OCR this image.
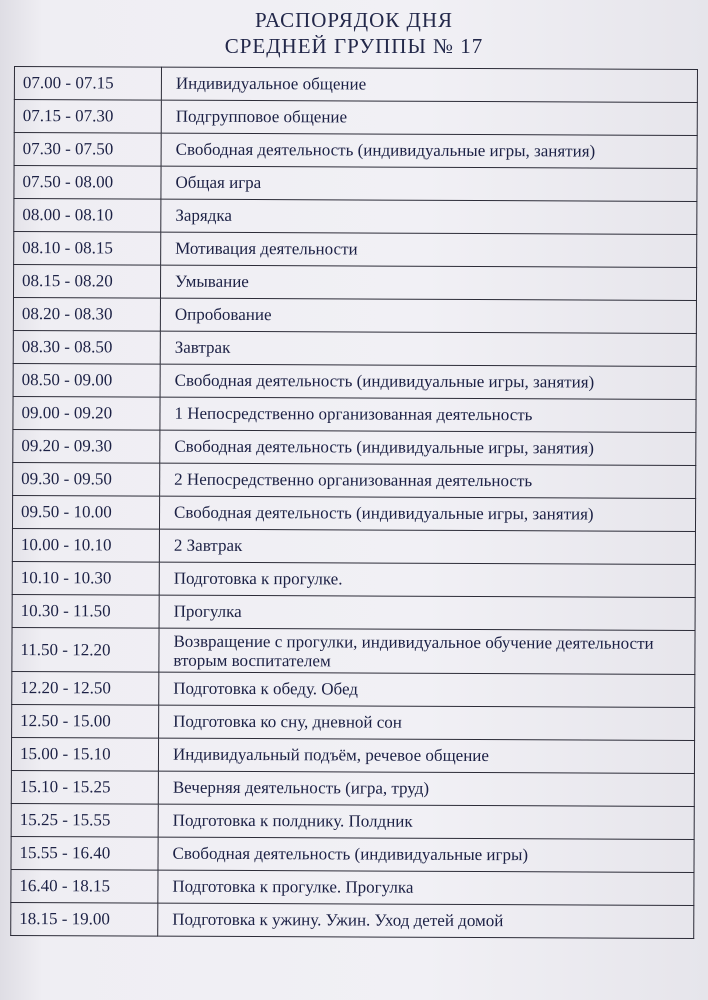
РАСПОРЯДОК ДНЯ
СРЕДНЕЙ ГРУППЫ № 17
07.00 - 07.15	Индивидуальное общение
07.15 - 07.30	Подгрупповое общение
07.30 - 07.50	Свободная деятельность (индивидуальные игры, занятия)
07.50 - 08.00	Общая игра
08.00 - 08.10	Зарядка
08.10 - 08.15	Мотивация деятельности
08.15 - 08.20	Умывание
08.20 - 08.30	Опробование
08.30 - 08.50	Завтрак
08.50 - 09.00	Свободная деятельность (индивидуальные игры, занятия)
09.00 - 09.20	1 Непосредственно организованная деятельность
09.20 - 09.30	Свободная деятельность (индивидуальные игры, занятия)
09.30 - 09.50	2 Непосредственно организованная деятельность
09.50 - 10.00	Свободная деятельность (индивидуальные игры, занятия)
10.00 - 10.10	2 Завтрак
10.10 - 10.30	Подготовка к прогулке.
10.30 - 11.50	Прогулка
11.50 - 12.20	Возвращение с прогулки, индивидуальное обучение деятельности вторым воспитателем
12.20 - 12.50	Подготовка к обеду. Обед
12.50 - 15.00	Подготовка ко сну, дневной сон
15.00 - 15.10	Индивидуальный подъём, речевое общение
15.10 - 15.25	Вечерняя деятельность (игра, труд)
15.25 - 15.55	Подготовка к полднику. Полдник
15.55 - 16.40	Свободная деятельность (индивидуальные игры)
16.40 - 18.15	Подготовка к прогулке. Прогулка
18.15 - 19.00	Подготовка к ужину. Ужин. Уход детей домой
